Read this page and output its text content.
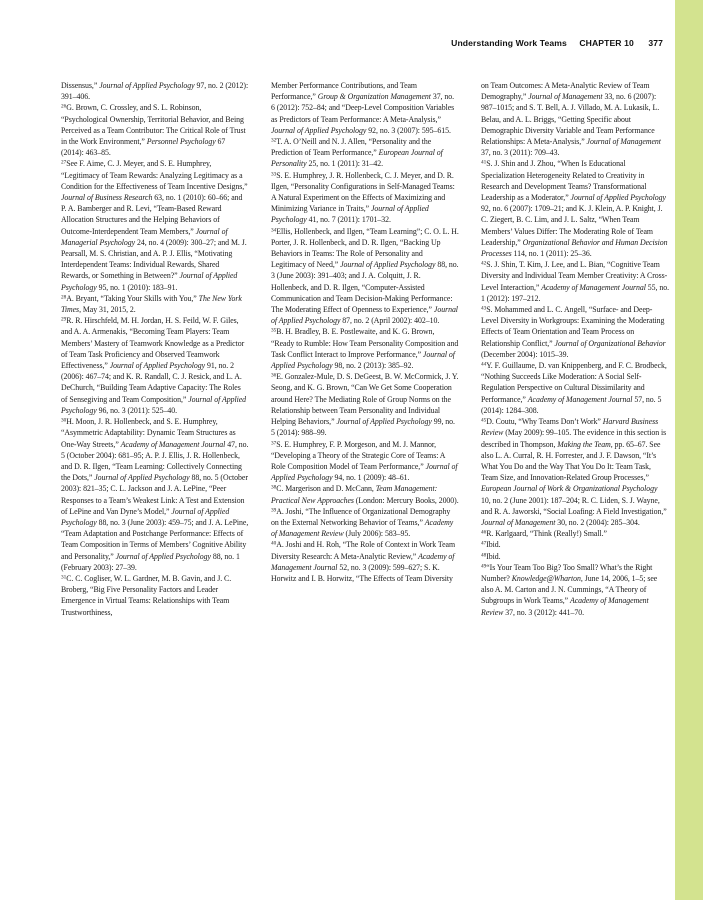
Understanding Work Teams CHAPTER 10 377

Dissensus,” Journal of Applied Psychology 97, no. 2 (2012): 391–406.

$^{26}$G. Brown, C. Crossley, and S. L. Robinson, “Psychological Ownership, Territorial Behavior, and Being Perceived as a Team Contributor: The Critical Role of Trust in the Work Environment,” Personnel Psychology 67 (2014): 463–85.

$^{27}$See F. Aime, C. J. Meyer, and S. E. Humphrey, “Legitimacy of Team Rewards: Analyzing Legitimacy as a Condition for the Effectiveness of Team Incentive Designs,” Journal of Business Research 63, no. 1 (2010): 60–66; and P. A. Bamberger and R. Levi, “Team-Based Reward Allocation Structures and the Helping Behaviors of Outcome-Interdependent Team Members,” Journal of Managerial Psychology 24, no. 4 (2009): 300–27; and M. J. Pearsall, M. S. Christian, and A. P. J. Ellis, “Motivating Interdependent Teams: Individual Rewards, Shared Rewards, or Something in Between?” Journal of Applied Psychology 95, no. 1 (2010): 183–91.

$^{28}$A. Bryant, “Taking Your Skills with You,” The New York Times, May 31, 2015, 2.

$^{29}$R. R. Hirschfeld, M. H. Jordan, H. S. Feild, W. F. Giles, and A. A. Armenakis, “Becoming Team Players: Team Members’ Mastery of Teamwork Knowledge as a Predictor of Team Task Proficiency and Observed Teamwork Effectiveness,” Journal of Applied Psychology 91, no. 2 (2006): 467–74; and K. R. Randall, C. J. Resick, and L. A. DeChurch, “Building Team Adaptive Capacity: The Roles of Sensegiving and Team Composition,” Journal of Applied Psychology 96, no. 3 (2011): 525–40.

$^{30}$H. Moon, J. R. Hollenbeck, and S. E. Humphrey, “Asymmetric Adaptability: Dynamic Team Structures as One-Way Streets,” Academy of Management Journal 47, no. 5 (October 2004): 681–95; A. P. J. Ellis, J. R. Hollenbeck, and D. R. Ilgen, “Team Learning: Collectively Connecting the Dots,” Journal of Applied Psychology 88, no. 5 (October 2003): 821–35; C. L. Jackson and J. A. LePine, “Peer Responses to a Team’s Weakest Link: A Test and Extension of LePine and Van Dyne’s Model,” Journal of Applied Psychology 88, no. 3 (June 2003): 459–75; and J. A. LePine, “Team Adaptation and Postchange Performance: Effects of Team Composition in Terms of Members’ Cognitive Ability and Personality,” Journal of Applied Psychology 88, no. 1 (February 2003): 27–39.

$^{31}$C. C. Cogliser, W. L. Gardner, M. B. Gavin, and J. C. Broberg, “Big Five Personality Factors and Leader Emergence in Virtual Teams: Relationships with Team Trustworthiness,

Member Performance Contributions, and Team Performance,” Group & Organization Management 37, no. 6 (2012): 752–84; and “Deep-Level Composition Variables as Predictors of Team Performance: A Meta-Analysis,” Journal of Applied Psychology 92, no. 3 (2007): 595–615.

$^{32}$T. A. O’Neill and N. J. Allen, “Personality and the Prediction of Team Performance,” European Journal of Personality 25, no. 1 (2011): 31–42.

$^{33}$S. E. Humphrey, J. R. Hollenbeck, C. J. Meyer, and D. R. Ilgen, “Personality Configurations in Self-Managed Teams: A Natural Experiment on the Effects of Maximizing and Minimizing Variance in Traits,” Journal of Applied Psychology 41, no. 7 (2011): 1701–32.

$^{34}$Ellis, Hollenbeck, and Ilgen, “Team Learning”; C. O. L. H. Porter, J. R. Hollenbeck, and D. R. Ilgen, “Backing Up Behaviors in Teams: The Role of Personality and Legitimacy of Need,” Journal of Applied Psychology 88, no. 3 (June 2003): 391–403; and J. A. Colquitt, J. R. Hollenbeck, and D. R. Ilgen, “Computer-Assisted Communication and Team Decision-Making Performance: The Moderating Effect of Openness to Experience,” Journal of Applied Psychology 87, no. 2 (April 2002): 402–10.

$^{35}$B. H. Bradley, B. E. Postlewaite, and K. G. Brown, “Ready to Rumble: How Team Personality Composition and Task Conflict Interact to Improve Performance,” Journal of Applied Psychology 98, no. 2 (2013): 385–92.

$^{36}$E. Gonzalez-Mule, D. S. DeGeest, B. W. McCormick, J. Y. Seong, and K. G. Brown, “Can We Get Some Cooperation around Here? The Mediating Role of Group Norms on the Relationship between Team Personality and Individual Helping Behaviors,” Journal of Applied Psychology 99, no. 5 (2014): 988–99.

$^{37}$S. E. Humphrey, F. P. Morgeson, and M. J. Mannor, “Developing a Theory of the Strategic Core of Teams: A Role Composition Model of Team Performance,” Journal of Applied Psychology 94, no. 1 (2009): 48–61.

$^{38}$C. Margerison and D. McCann, Team Management: Practical New Approaches (London: Mercury Books, 2000).

$^{39}$A. Joshi, “The Influence of Organizational Demography on the External Networking Behavior of Teams,” Academy of Management Review (July 2006): 583–95.

$^{40}$A. Joshi and H. Roh, “The Role of Context in Work Team Diversity Research: A Meta-Analytic Review,” Academy of Management Journal 52, no. 3 (2009): 599–627; S. K. Horwitz and I. B. Horwitz, “The Effects of Team Diversity

on Team Outcomes: A Meta-Analytic Review of Team Demography,” Journal of Management 33, no. 6 (2007): 987–1015; and S. T. Bell, A. J. Villado, M. A. Lukasik, L. Belau, and A. L. Briggs, “Getting Specific about Demographic Diversity Variable and Team Performance Relationships: A Meta-Analysis,” Journal of Management 37, no. 3 (2011): 709–43.

$^{41}$S. J. Shin and J. Zhou, “When Is Educational Specialization Heterogeneity Related to Creativity in Research and Development Teams? Transformational Leadership as a Moderator,” Journal of Applied Psychology 92, no. 6 (2007): 1709–21; and K. J. Klein, A. P. Knight, J. C. Ziegert, B. C. Lim, and J. L. Saltz, “When Team Members’ Values Differ: The Moderating Role of Team Leadership,” Organizational Behavior and Human Decision Processes 114, no. 1 (2011): 25–36.

$^{42}$S. J. Shin, T. Kim, J. Lee, and L. Bian, “Cognitive Team Diversity and Individual Team Member Creativity: A Cross-Level Interaction,” Academy of Management Journal 55, no. 1 (2012): 197–212.

$^{43}$S. Mohammed and L. C. Angell, “Surface- and Deep-Level Diversity in Workgroups: Examining the Moderating Effects of Team Orientation and Team Process on Relationship Conflict,” Journal of Organizational Behavior (December 2004): 1015–39.

$^{44}$Y. F. Guillaume, D. van Knippenberg, and F. C. Brodbeck, “Nothing Succeeds Like Moderation: A Social Self-Regulation Perspective on Cultural Dissimilarity and Performance,” Academy of Management Journal 57, no. 5 (2014): 1284–308.

$^{45}$D. Coutu, “Why Teams Don’t Work” Harvard Business Review (May 2009): 99–105. The evidence in this section is described in Thompson, Making the Team, pp. 65–67. See also L. A. Curral, R. H. Forrester, and J. F. Dawson, “It’s What You Do and the Way That You Do It: Team Task, Team Size, and Innovation-Related Group Processes,” European Journal of Work & Organizational Psychology 10, no. 2 (June 2001): 187–204; R. C. Liden, S. J. Wayne, and R. A. Jaworski, “Social Loafing: A Field Investigation,” Journal of Management 30, no. 2 (2004): 285–304.

$^{46}$R. Karlgaard, “Think (Really!) Small.”

$^{47}$Ibid.

$^{48}$Ibid.

$^{49}$“Is Your Team Too Big? Too Small? What’s the Right Number? Knowledge@Wharton, June 14, 2006, 1–5; see also A. M. Carton and J. N. Cummings, “A Theory of Subgroups in Work Teams,” Academy of Management Review 37, no. 3 (2012): 441–70.
